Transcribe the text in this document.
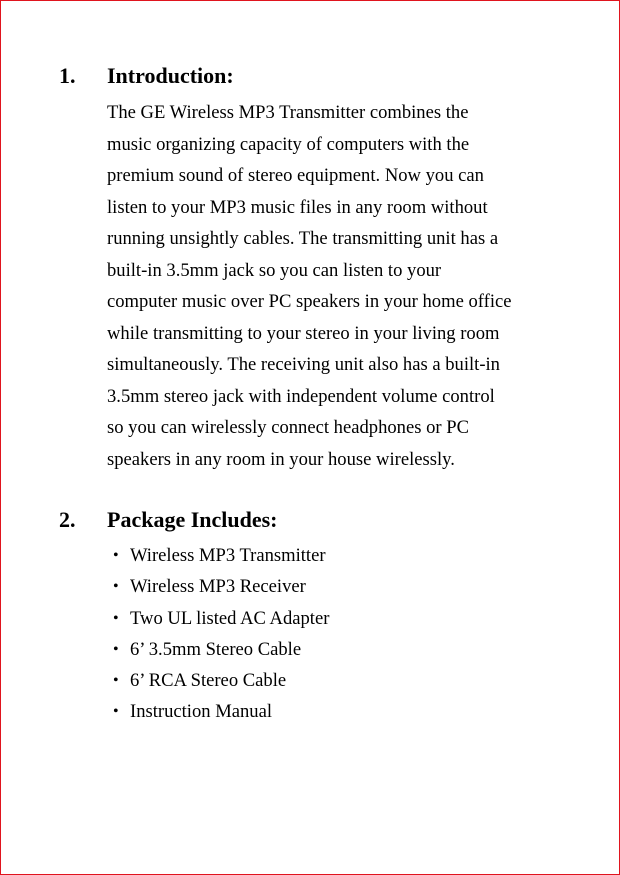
1. Introduction:

The GE Wireless MP3 Transmitter combines the
music organizing capacity of computers with the
premium sound of stereo equipment. Now you can
listen to your MP3 music files in any room without
running unsightly cables. The transmitting unit has a
built-in 3.5mm jack so you can listen to your
computer music over PC speakers in your home office
while transmitting to your stereo in your living room
simultaneously. The receiving unit also has a built-in
3.5mm stereo jack with independent volume control
so you can wirelessly connect headphones or PC
speakers in any room in your house wirelessly.

2. Package Includes:
• Wireless MP3 Transmitter
• Wireless MP3 Receiver
• Two UL listed AC Adapter
• 6’ 3.5mm Stereo Cable
• 6’ RCA Stereo Cable
• Instruction Manual
